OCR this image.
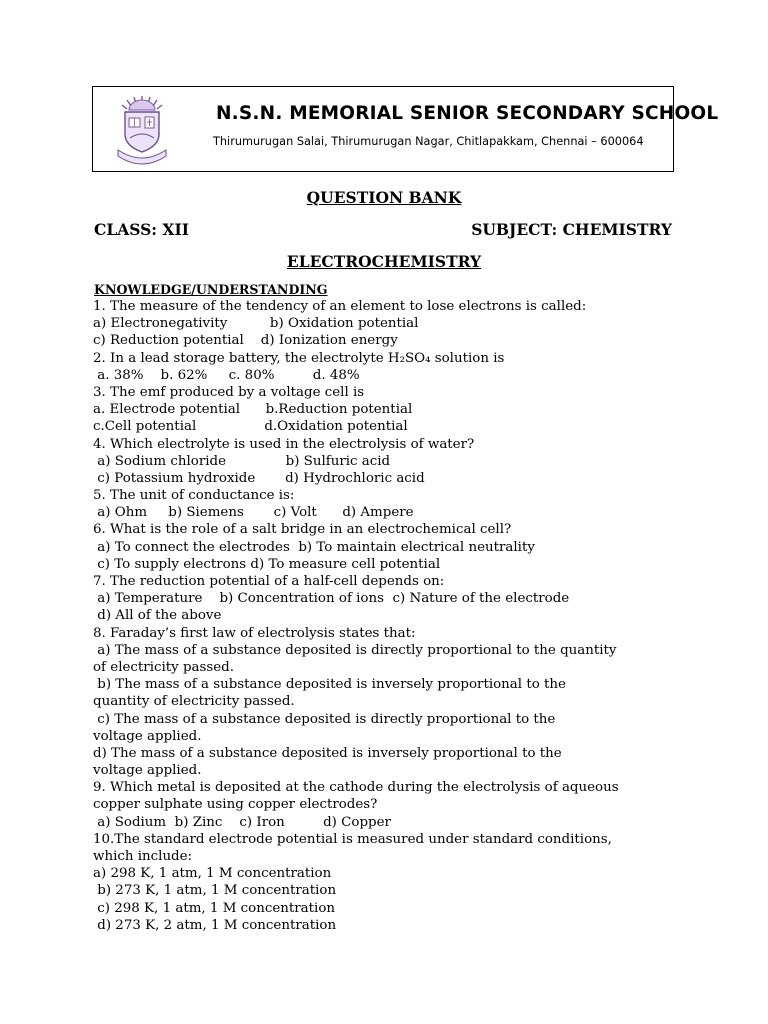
N.S.N. MEMORIAL SENIOR SECONDARY SCHOOL

Thirumurugan Salai, Thirumurugan Nagar, Chitlapakkam, Chennai – 600064

QUESTION BANK

CLASS: XII	SUBJECT: CHEMISTRY

ELECTROCHEMISTRY

KNOWLEDGE/UNDERSTANDING

1. The measure of the tendency of an element to lose electrons is called:
a) Electronegativity          b) Oxidation potential
c) Reduction potential    d) Ionization energy
2. In a lead storage battery, the electrolyte H₂SO₄ solution is
a. 38%    b. 62%     c. 80%         d. 48%
3. The emf produced by a voltage cell is
a. Electrode potential      b.Reduction potential
c.Cell potential                d.Oxidation potential
4. Which electrolyte is used in the electrolysis of water?
a) Sodium chloride              b) Sulfuric acid
c) Potassium hydroxide       d) Hydrochloric acid
5. The unit of conductance is:
a) Ohm     b) Siemens       c) Volt      d) Ampere
6. What is the role of a salt bridge in an electrochemical cell?
a) To connect the electrodes  b) To maintain electrical neutrality
c) To supply electrons d) To measure cell potential
7. The reduction potential of a half-cell depends on:
a) Temperature    b) Concentration of ions  c) Nature of the electrode
d) All of the above
8. Faraday’s first law of electrolysis states that:
a) The mass of a substance deposited is directly proportional to the quantity
of electricity passed.
b) The mass of a substance deposited is inversely proportional to the
quantity of electricity passed.
c) The mass of a substance deposited is directly proportional to the
voltage applied.
d) The mass of a substance deposited is inversely proportional to the
voltage applied.
9. Which metal is deposited at the cathode during the electrolysis of aqueous
copper sulphate using copper electrodes?
a) Sodium  b) Zinc    c) Iron         d) Copper
10.The standard electrode potential is measured under standard conditions,
which include:
a) 298 K, 1 atm, 1 M concentration
b) 273 K, 1 atm, 1 M concentration
c) 298 K, 1 atm, 1 M concentration
d) 273 K, 2 atm, 1 M concentration
